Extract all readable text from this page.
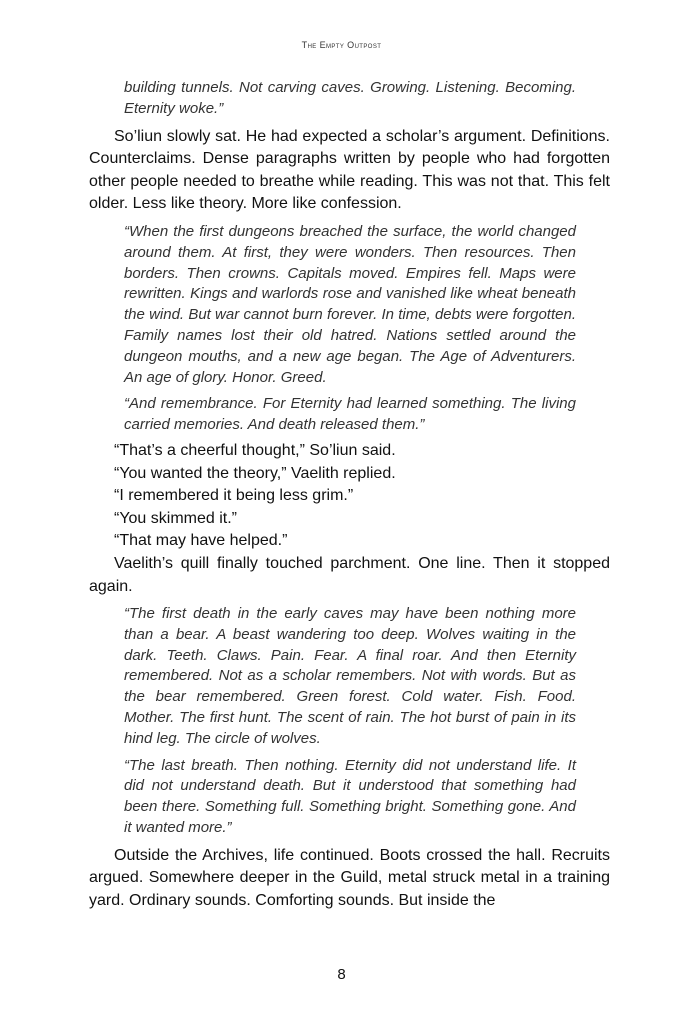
The Empty Outpost

building tunnels. Not carving caves. Growing. Listening. Becoming. Eternity woke.”

So’liun slowly sat. He had expected a scholar’s argument. Definitions. Counterclaims. Dense paragraphs written by people who had forgotten other people needed to breathe while reading. This was not that. This felt older. Less like theory. More like confession.

“When the first dungeons breached the surface, the world changed around them. At first, they were wonders. Then resources. Then borders. Then crowns. Capitals moved. Empires fell. Maps were rewritten. Kings and warlords rose and vanished like wheat beneath the wind. But war cannot burn forever. In time, debts were forgotten. Family names lost their old hatred. Nations settled around the dungeon mouths, and a new age began. The Age of Adventurers. An age of glory. Honor. Greed.

“And remembrance. For Eternity had learned something. The living carried memories. And death released them.”

“That’s a cheerful thought,” So’liun said.

“You wanted the theory,” Vaelith replied.

“I remembered it being less grim.”

“You skimmed it.”

“That may have helped.”

Vaelith’s quill finally touched parchment. One line. Then it stopped again.

“The first death in the early caves may have been nothing more than a bear. A beast wandering too deep. Wolves waiting in the dark. Teeth. Claws. Pain. Fear. A final roar. And then Eternity remembered. Not as a scholar remembers. Not with words. But as the bear remembered. Green forest. Cold water. Fish. Food. Mother. The first hunt. The scent of rain. The hot burst of pain in its hind leg. The circle of wolves.

“The last breath. Then nothing. Eternity did not understand life. It did not understand death. But it understood that something had been there. Something full. Something bright. Something gone. And it wanted more.”

Outside the Archives, life continued. Boots crossed the hall. Recruits argued. Somewhere deeper in the Guild, metal struck metal in a training yard. Ordinary sounds. Comforting sounds. But inside the

8
